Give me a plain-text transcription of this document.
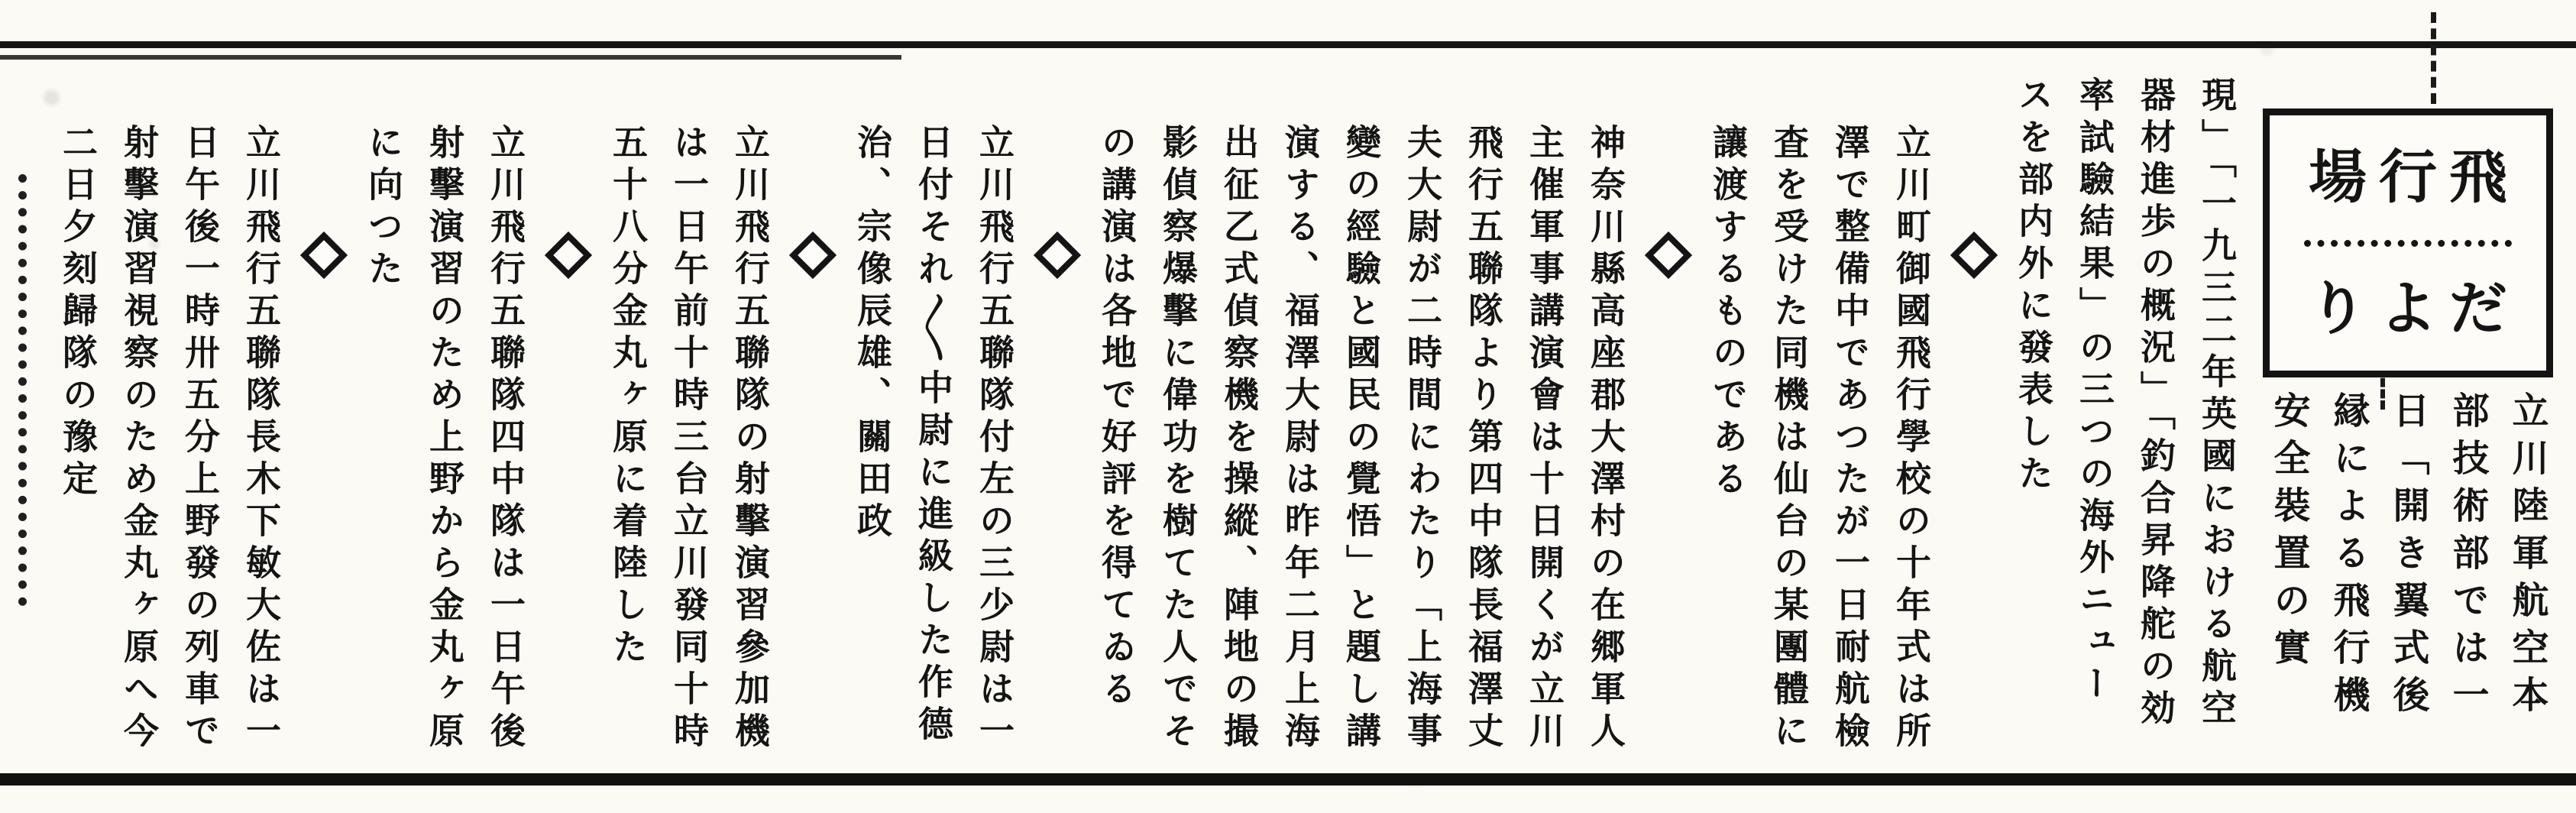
場行飛
りよだ
立川陸軍航空本
部技術部では一
日「開き翼式後
縁による飛行機
安全裝置の實
現」「一九三二年英國における航空
器材進歩の概況」「釣合昇降舵の効
率試驗結果」の三つの海外ニュー
スを部内外に發表した
立川町御國飛行學校の十年式は所
澤で整備中であつたが一日耐航檢
査を受けた同機は仙台の某團體に
讓渡するものである
神奈川縣高座郡大澤村の在郷軍人
主催軍事講演會は十日開くが立川
飛行五聯隊より第四中隊長福澤丈
夫大尉が二時間にわたり「上海事
變の經驗と國民の覺悟」と題し講
演する、福澤大尉は昨年二月上海
出征乙式偵察機を操縱、陣地の撮
影偵察爆擊に偉功を樹てた人でそ
の講演は各地で好評を得てゐる
立川飛行五聯隊付左の三少尉は一
日付それ〱中尉に進級した作德
治、宗像辰雄、關田政
立川飛行五聯隊の射擊演習參加機
は一日午前十時三台立川發同十時
五十八分金丸ヶ原に着陸した
立川飛行五聯隊四中隊は一日午後
射擊演習のため上野から金丸ヶ原
に向つた
立川飛行五聯隊長木下敏大佐は一
日午後一時卅五分上野發の列車で
射擊演習視察のため金丸ヶ原へ今
二日夕刻歸隊の豫定
